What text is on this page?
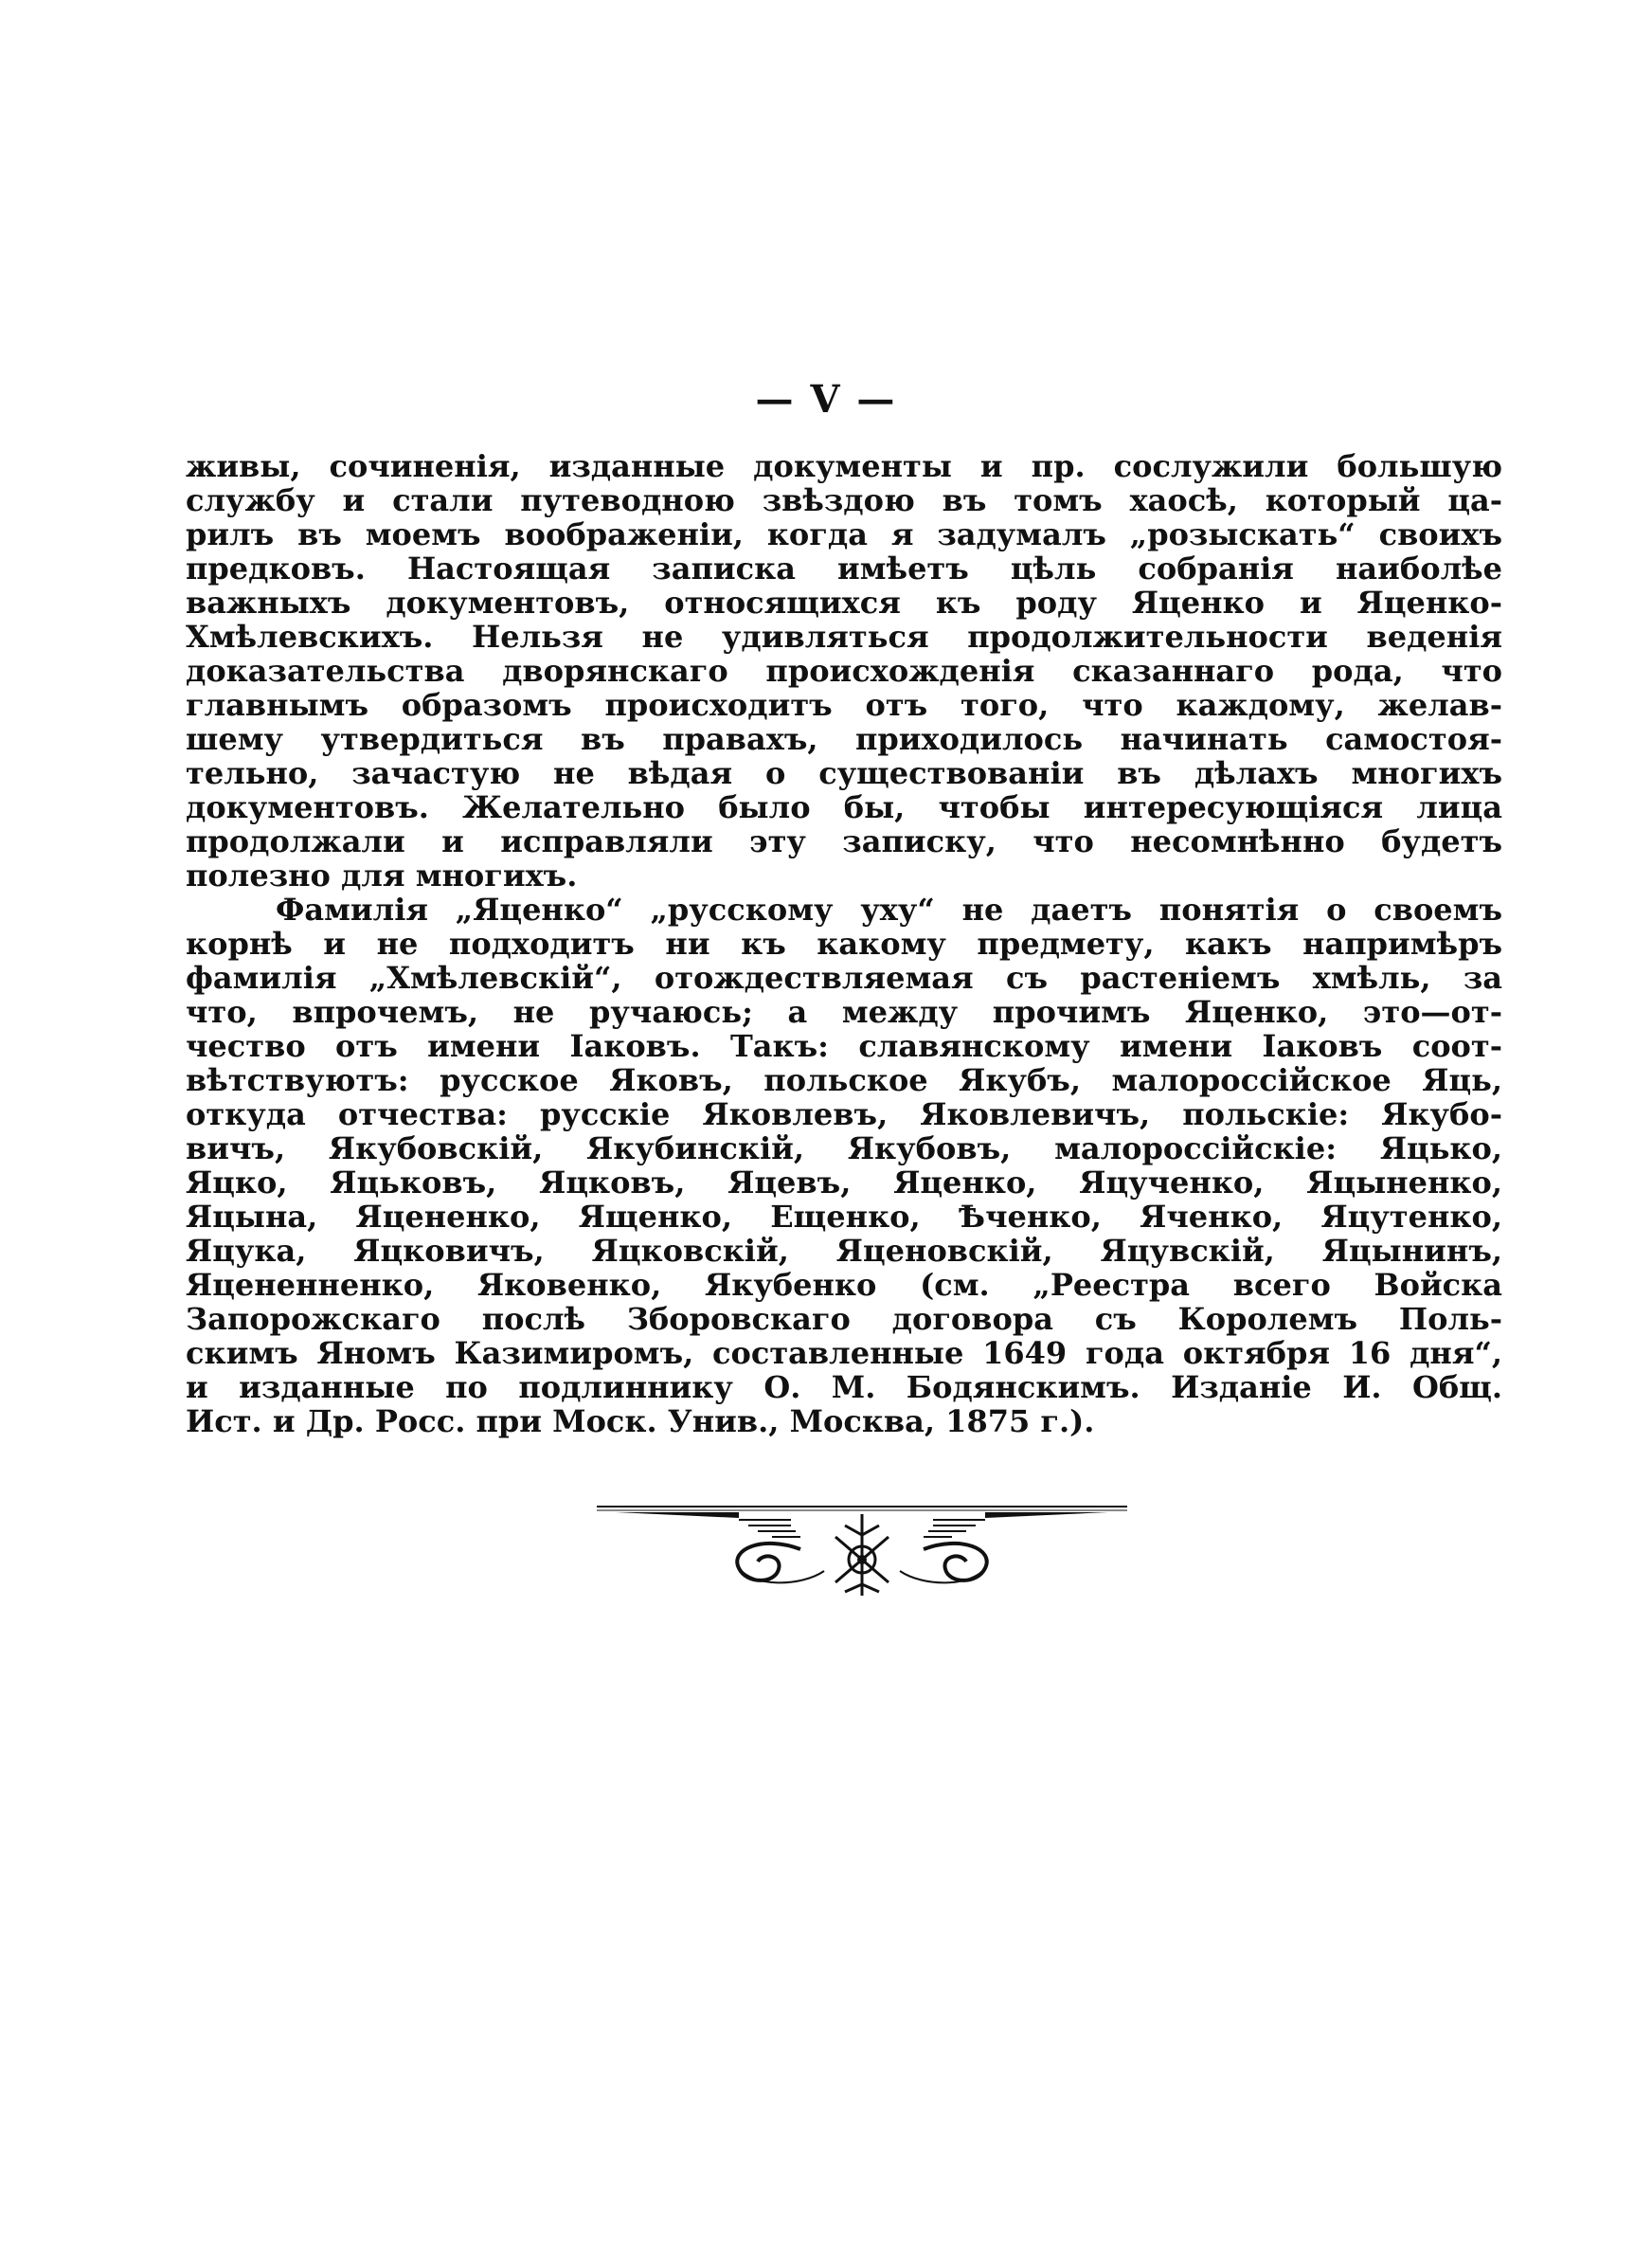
— V —
живы, сочиненія, изданные документы и пр. сослужили большую
службу и стали путеводною звѣздою въ томъ хаосѣ, который ца-
рилъ въ моемъ воображеніи, когда я задумалъ „розыскать“ своихъ
предковъ. Настоящая записка имѣетъ цѣль собранія наиболѣе
важныхъ документовъ, относящихся къ роду Яценко и Яценко-
Хмѣлевскихъ. Нельзя не удивляться продолжительности веденія
доказательства дворянскаго происхожденія сказаннаго рода, что
главнымъ образомъ происходитъ отъ того, что каждому, желав-
шему утвердиться въ правахъ, приходилось начинать самостоя-
тельно, зачастую не вѣдая о существованіи въ дѣлахъ многихъ
документовъ. Желательно было бы, чтобы интересующіяся лица
продолжали и исправляли эту записку, что несомнѣнно будетъ
полезно для многихъ.
Фамилія „Яценко“ „русскому уху“ не даетъ понятія о своемъ
корнѣ и не подходитъ ни къ какому предмету, какъ напримѣръ
фамилія „Хмѣлевскій“, отождествляемая съ растеніемъ хмѣль, за
что, впрочемъ, не ручаюсь; а между прочимъ Яценко, это—от-
чество отъ имени Іаковъ. Такъ: славянскому имени Іаковъ соот-
вѣтствуютъ: русское Яковъ, польское Якубъ, малороссійское Яць,
откуда отчества: русскіе Яковлевъ, Яковлевичъ, польскіе: Якубо-
вичъ, Якубовскій, Якубинскій, Якубовъ, малороссійскіе: Яцько,
Яцко, Яцьковъ, Яцковъ, Яцевъ, Яценко, Яцученко, Яцыненко,
Яцына, Яцененко, Ященко, Ещенко, Ѣченко, Яченко, Яцутенко,
Яцука, Яцковичъ, Яцковскій, Яценовскій, Яцувскій, Яцынинъ,
Яцененненко, Яковенко, Якубенко (см. „Реестра всего Войска
Запорожскаго послѣ Зборовскаго договора съ Королемъ Поль-
скимъ Яномъ Казимиромъ, составленные 1649 года октября 16 дня“,
и изданные по подлиннику О. М. Бодянскимъ. Изданіе И. Общ.
Ист. и Др. Росс. при Моск. Унив., Москва, 1875 г.).
